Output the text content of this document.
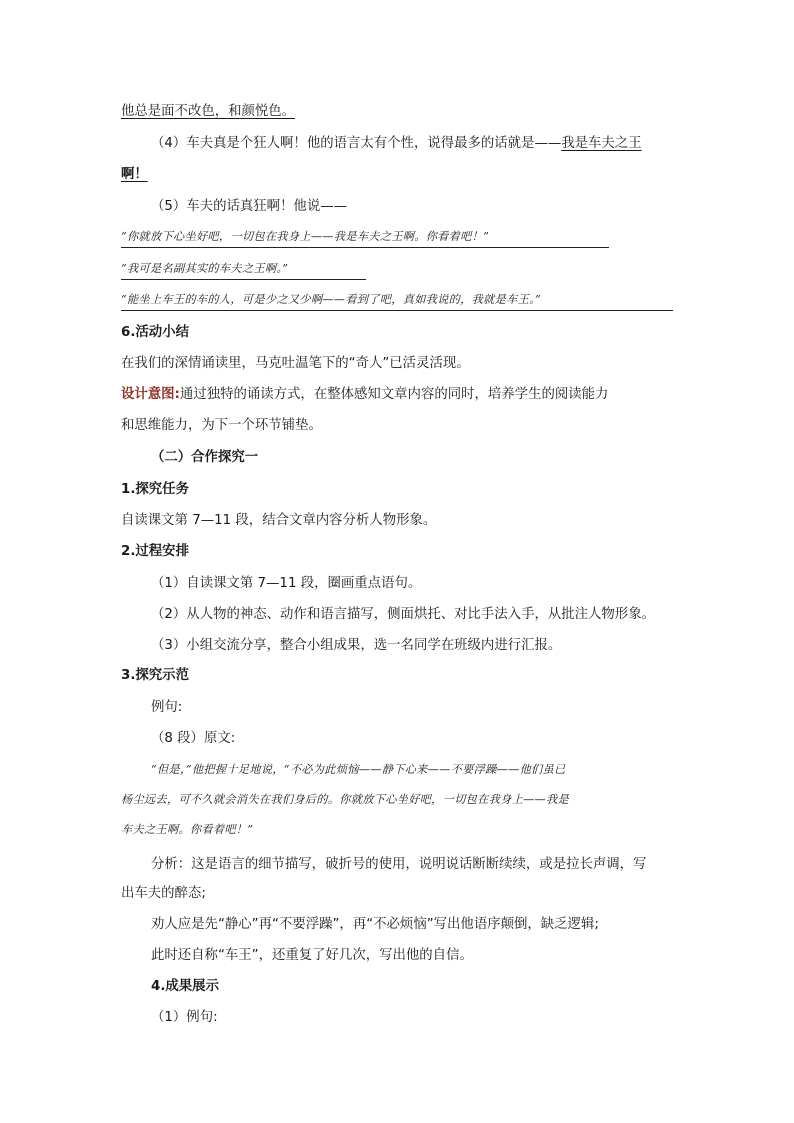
他总是面不改色，和颜悦色。
（4）车夫真是个狂人啊！他的语言太有个性，说得最多的话就是——我是车夫之王
啊！
（5）车夫的话真狂啊！他说——
“你就放下心坐好吧，一切包在我身上——我是车夫之王啊。你看着吧！”
“我可是名副其实的车夫之王啊。”
“能坐上车王的车的人，可是少之又少啊——看到了吧，真如我说的，我就是车王。”
6.活动小结
在我们的深情诵读里，马克吐温笔下的“奇人”已活灵活现。
设计意图:通过独特的诵读方式，在整体感知文章内容的同时，培养学生的阅读能力
和思维能力，为下一个环节铺垫。
（二）合作探究一
1.探究任务
自读课文第 7—11 段，结合文章内容分析人物形象。
2.过程安排
（1）自读课文第 7—11 段，圈画重点语句。
（2）从人物的神态、动作和语言描写，侧面烘托、对比手法入手，从批注人物形象。
（3）小组交流分享，整合小组成果，选一名同学在班级内进行汇报。
3.探究示范
例句:
（8 段）原文:
“但是，”他把握十足地说，“不必为此烦恼——静下心来——不要浮躁——他们虽已
杨尘远去，可不久就会消失在我们身后的。你就放下心坐好吧，一切包在我身上——我是
车夫之王啊。你看着吧！”
分析：这是语言的细节描写，破折号的使用，说明说话断断续续，或是拉长声调，写
出车夫的醉态;
劝人应是先“静心”再“不要浮躁”，再“不必烦恼”写出他语序颠倒，缺乏逻辑;
此时还自称“车王”，还重复了好几次，写出他的自信。
4.成果展示
（1）例句:
